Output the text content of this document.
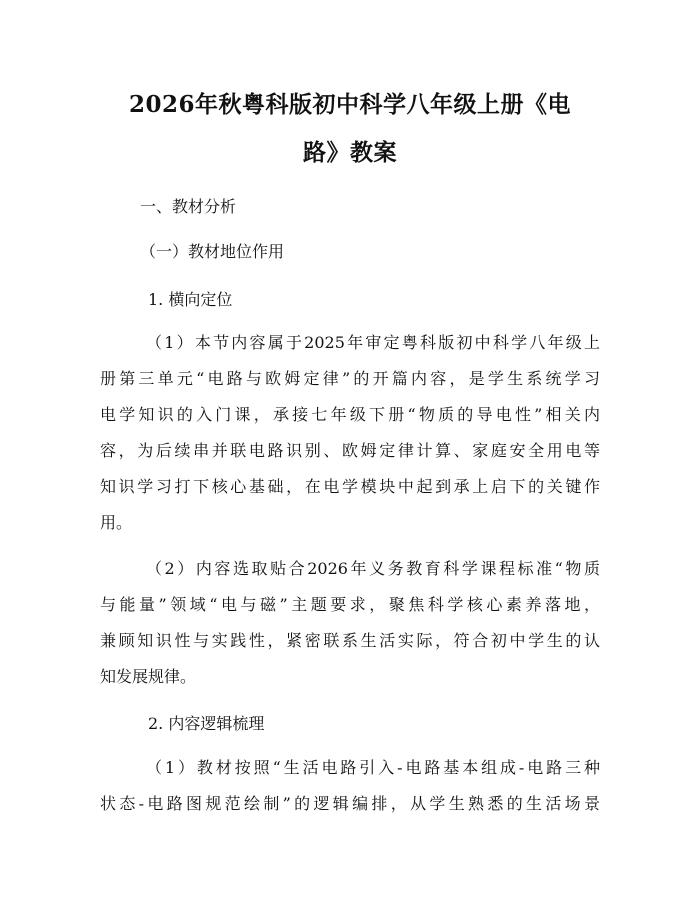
2026年秋粤科版初中科学八年级上册《电
路》教案

一、教材分析

（一）教材地位作用

1. 横向定位

（1）本节内容属于2025年审定粤科版初中科学八年级上
册第三单元“电路与欧姆定律”的开篇内容，是学生系统学习
电学知识的入门课，承接七年级下册“物质的导电性”相关内
容，为后续串并联电路识别、欧姆定律计算、家庭安全用电等
知识学习打下核心基础，在电学模块中起到承上启下的关键作
用。
（2）内容选取贴合2026年义务教育科学课程标准“物质
与能量”领域“电与磁”主题要求，聚焦科学核心素养落地，
兼顾知识性与实践性，紧密联系生活实际，符合初中学生的认
知发展规律。

2. 内容逻辑梳理

（1）教材按照“生活电路引入-电路基本组成-电路三种
状态-电路图规范绘制”的逻辑编排，从学生熟悉的生活场景
